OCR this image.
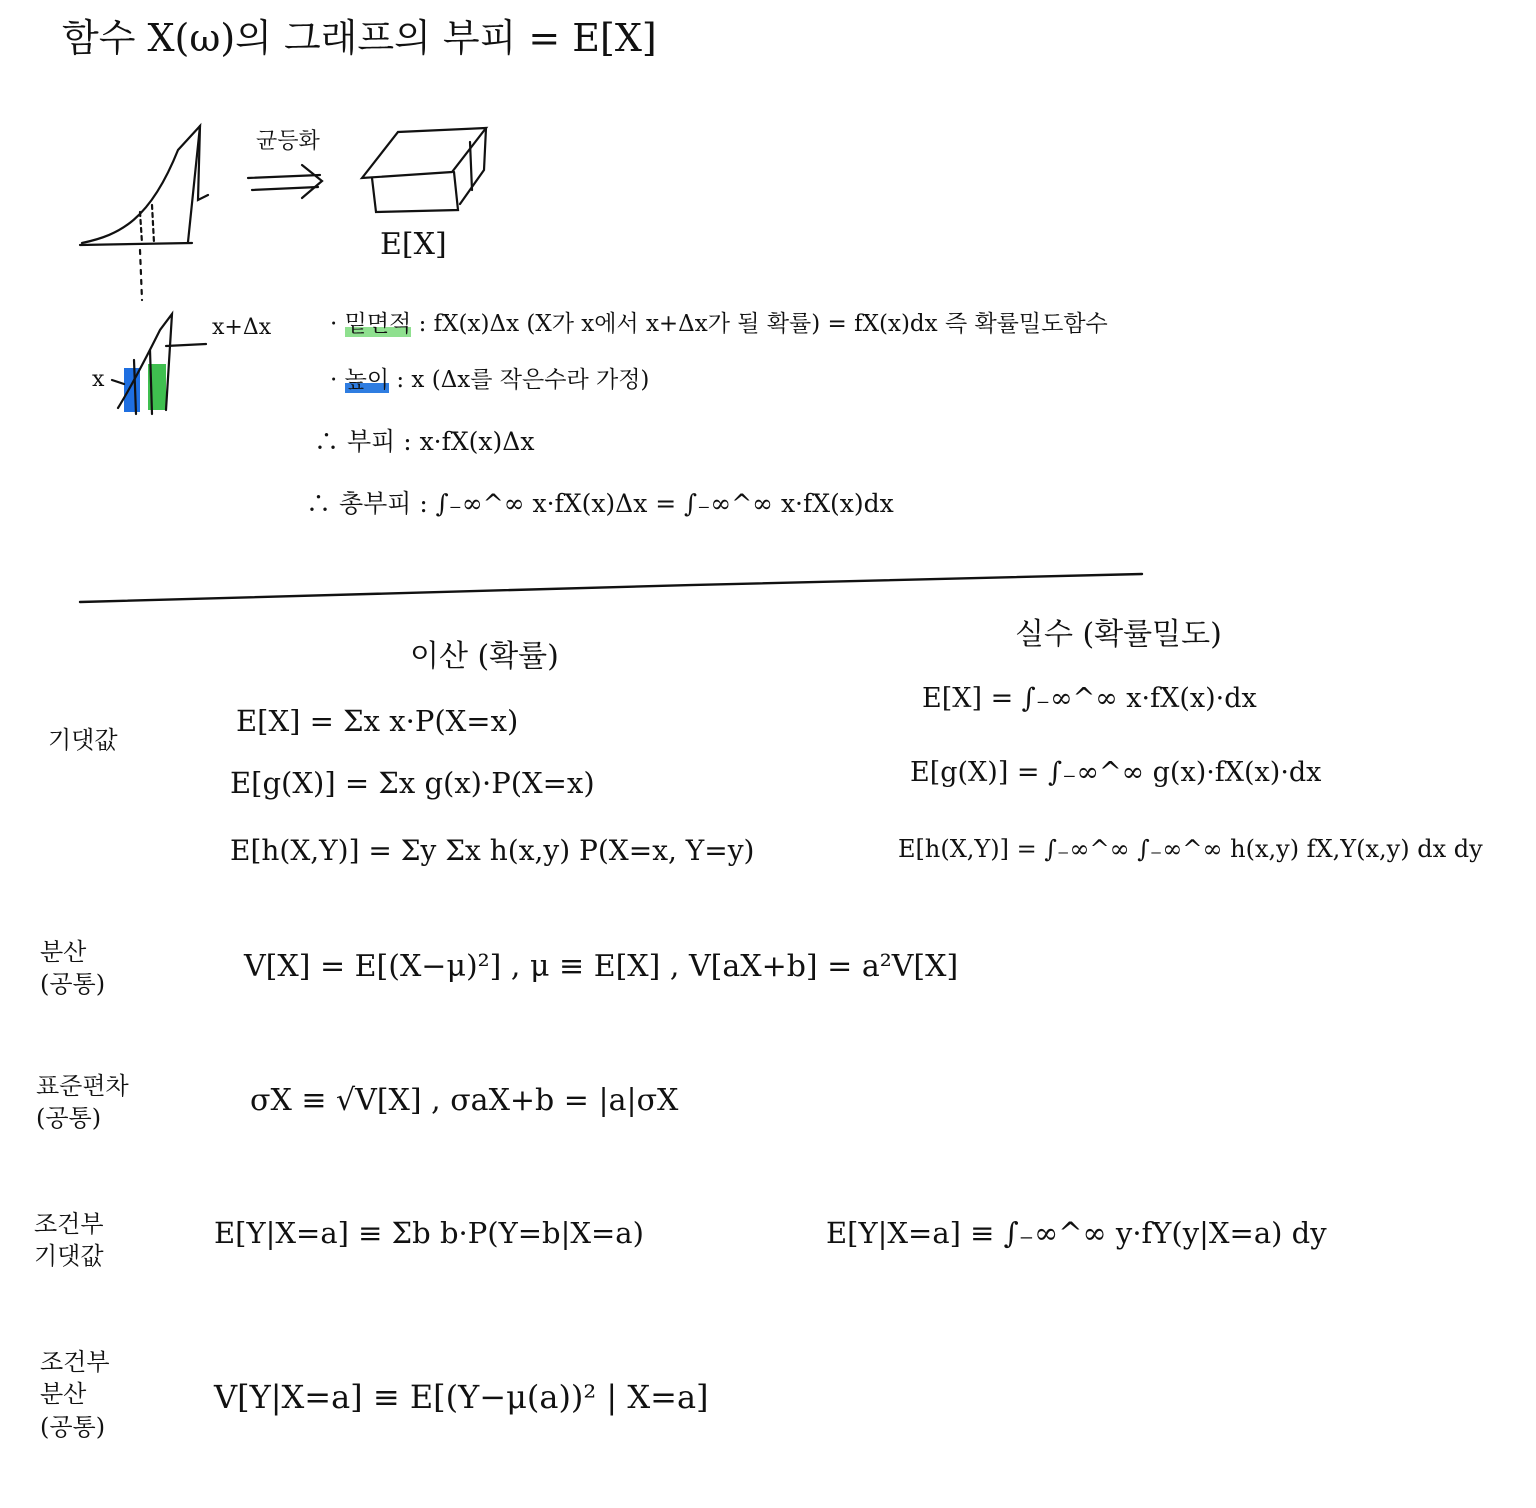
함수 X(ω)의 그래프의 부피 = E[X]
균등화
E[X]
x
x+Δx	· 밑면적 : fX(x)Δx (X가 x에서 x+Δx가 될 확률) = fX(x)dx 즉 확률밀도함수
· 높이 : x (Δx를 작은수라 가정)
∴ 부피 : x·fX(x)Δx
∴ 총부피 : ∫₋∞^∞ x·fX(x)Δx = ∫₋∞^∞ x·fX(x)dx
이산 (확률)
실수 (확률밀도)
기댓값
E[X] = Σx x·P(X=x)
E[g(X)] = Σx g(x)·P(X=x)
E[h(X,Y)] = Σy Σx h(x,y) P(X=x, Y=y)
E[X] = ∫₋∞^∞ x·fX(x)·dx
E[g(X)] = ∫₋∞^∞ g(x)·fX(x)·dx
E[h(X,Y)] = ∫₋∞^∞ ∫₋∞^∞ h(x,y) fX,Y(x,y) dx dy
분산
(공통)
V[X] = E[(X−μ)²] , μ ≡ E[X] , V[aX+b] = a²V[X]
표준편차
(공통)
σX ≡ √V[X] , σaX+b = |a|σX
조건부
기댓값
E[Y|X=a] ≡ Σb b·P(Y=b|X=a)	E[Y|X=a] ≡ ∫₋∞^∞ y·fY(y|X=a) dy
조건부
분산
(공통)
V[Y|X=a] ≡ E[(Y−μ(a))² | X=a]
